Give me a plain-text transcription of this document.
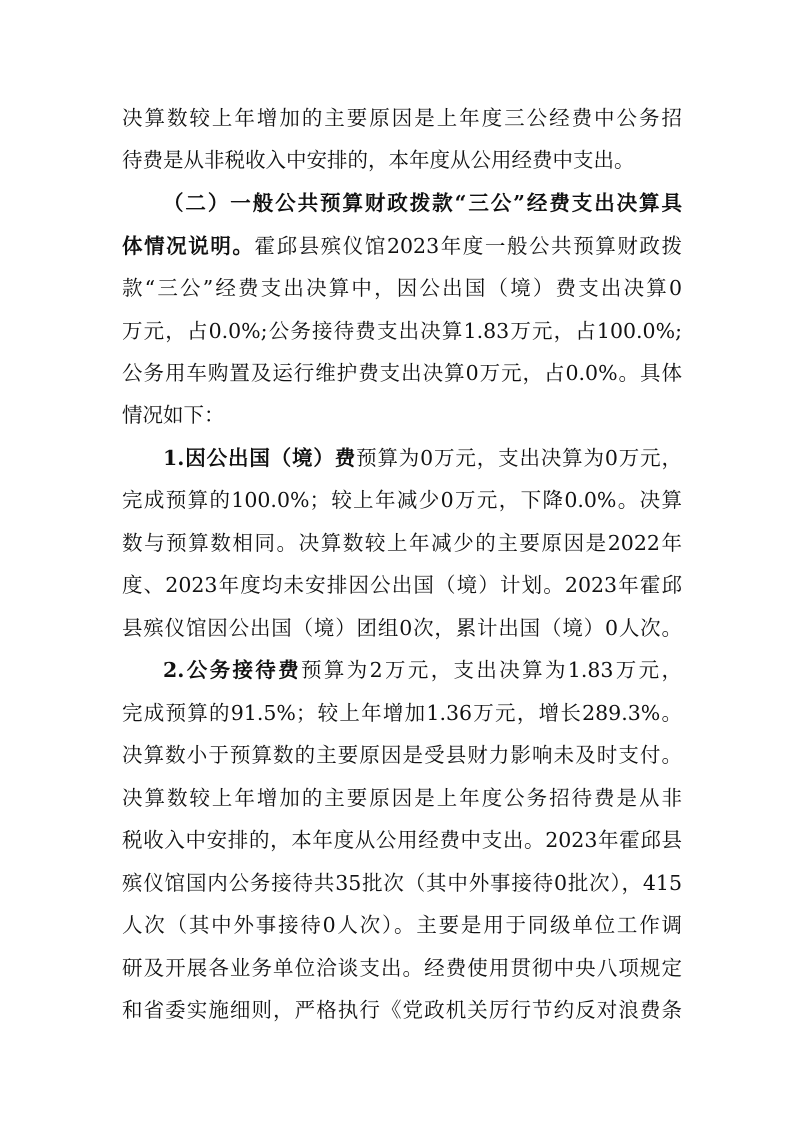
决算数较上年增加的主要原因是上年度三公经费中公务招
待费是从非税收入中安排的，本年度从公用经费中支出。
（二）一般公共预算财政拨款“三公”经费支出决算具
体情况说明。霍邱县殡仪馆2023年度一般公共预算财政拨
款“三公”经费支出决算中，因公出国（境）费支出决算0
万元，占0.0%;公务接待费支出决算1.83万元，占100.0%;
公务用车购置及运行维护费支出决算0万元，占0.0%。具体
情况如下：
1.因公出国（境）费预算为0万元，支出决算为0万元，
完成预算的100.0%；较上年减少0万元，下降0.0%。决算
数与预算数相同。决算数较上年减少的主要原因是2022年
度、2023年度均未安排因公出国（境）计划。2023年霍邱
县殡仪馆因公出国（境）团组0次，累计出国（境）0人次。
2.公务接待费预算为2万元，支出决算为1.83万元，
完成预算的91.5%；较上年增加1.36万元，增长289.3%。
决算数小于预算数的主要原因是受县财力影响未及时支付。
决算数较上年增加的主要原因是上年度公务招待费是从非
税收入中安排的，本年度从公用经费中支出。2023年霍邱县
殡仪馆国内公务接待共35批次（其中外事接待0批次），415
人次（其中外事接待0人次）。主要是用于同级单位工作调
研及开展各业务单位洽谈支出。经费使用贯彻中央八项规定
和省委实施细则，严格执行《党政机关厉行节约反对浪费条
